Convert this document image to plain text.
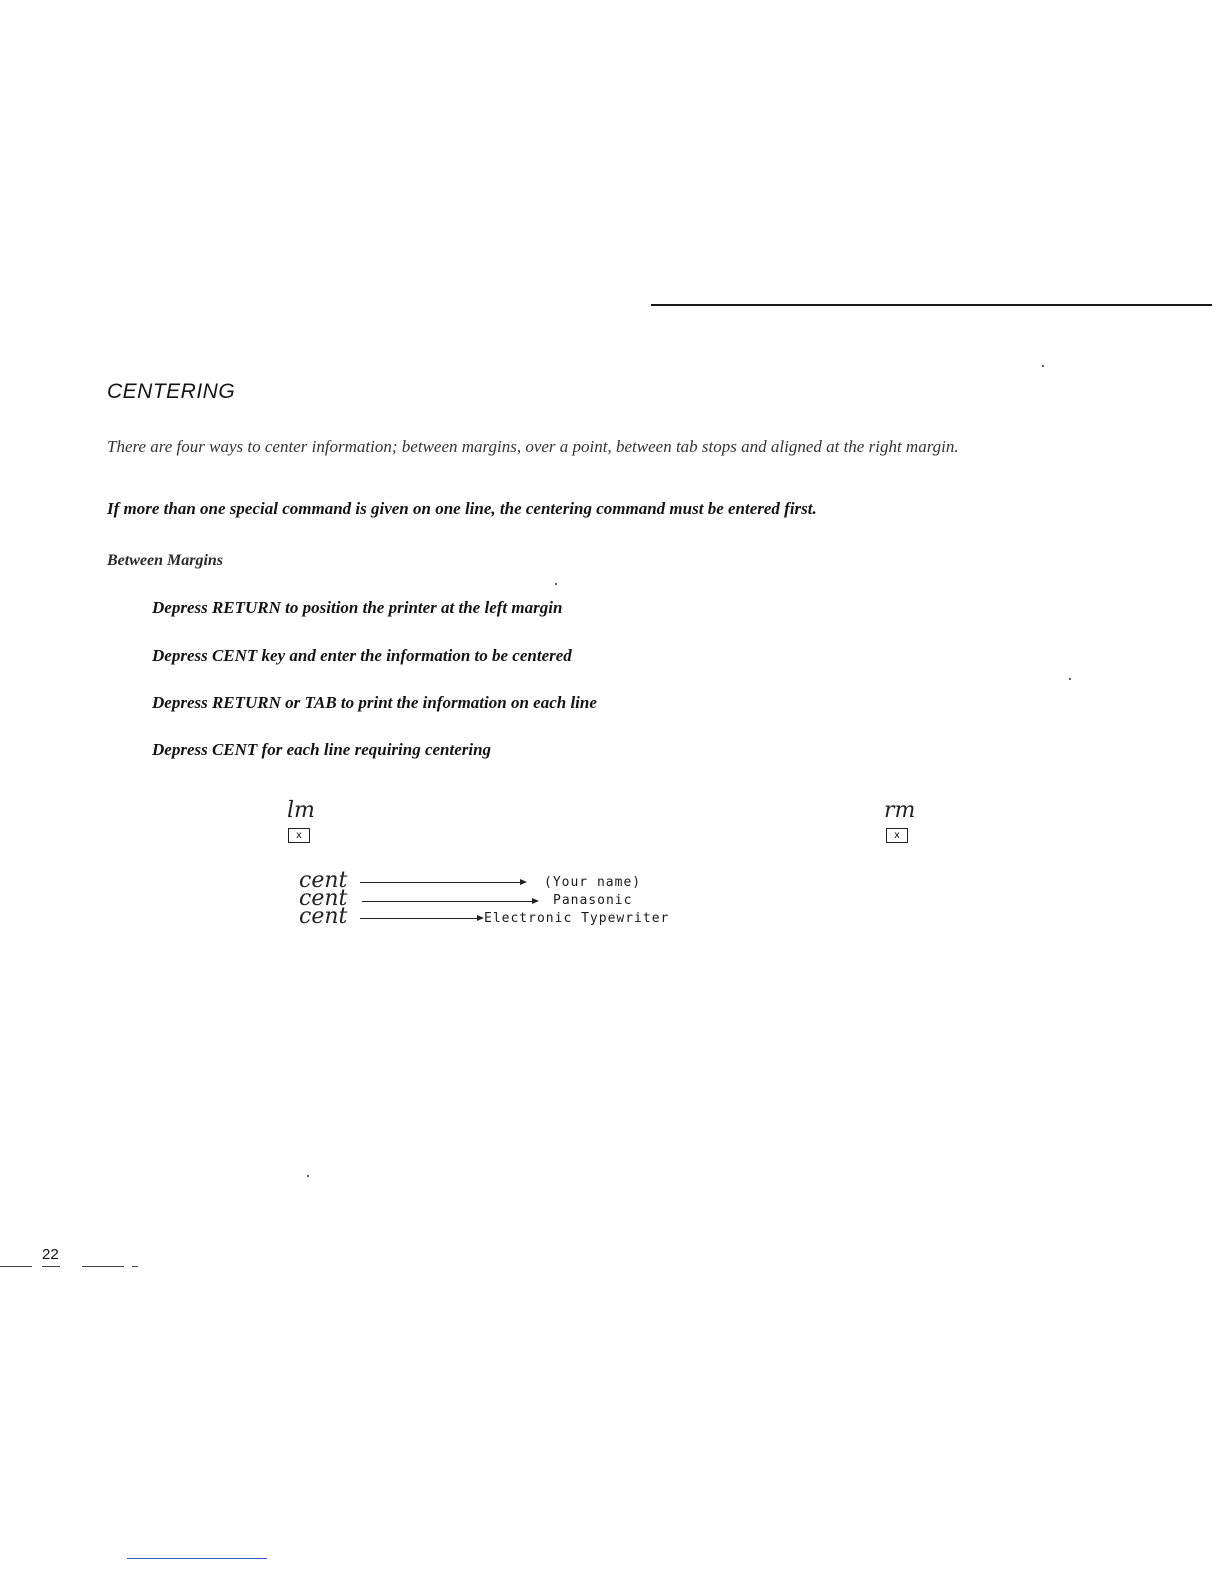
CENTERING
There are four ways to center information; between margins, over a point, between tab stops and aligned at the right margin.
If more than one special command is given on one line, the centering command must be entered first.
Between Margins
Depress RETURN to position the printer at the left margin
Depress CENT key and enter the information to be centered
Depress RETURN or TAB to print the information on each line
Depress CENT for each line requiring centering
lm
x
rm
x
cent	(Your name)
cent	Panasonic
cent	Electronic Typewriter
22
